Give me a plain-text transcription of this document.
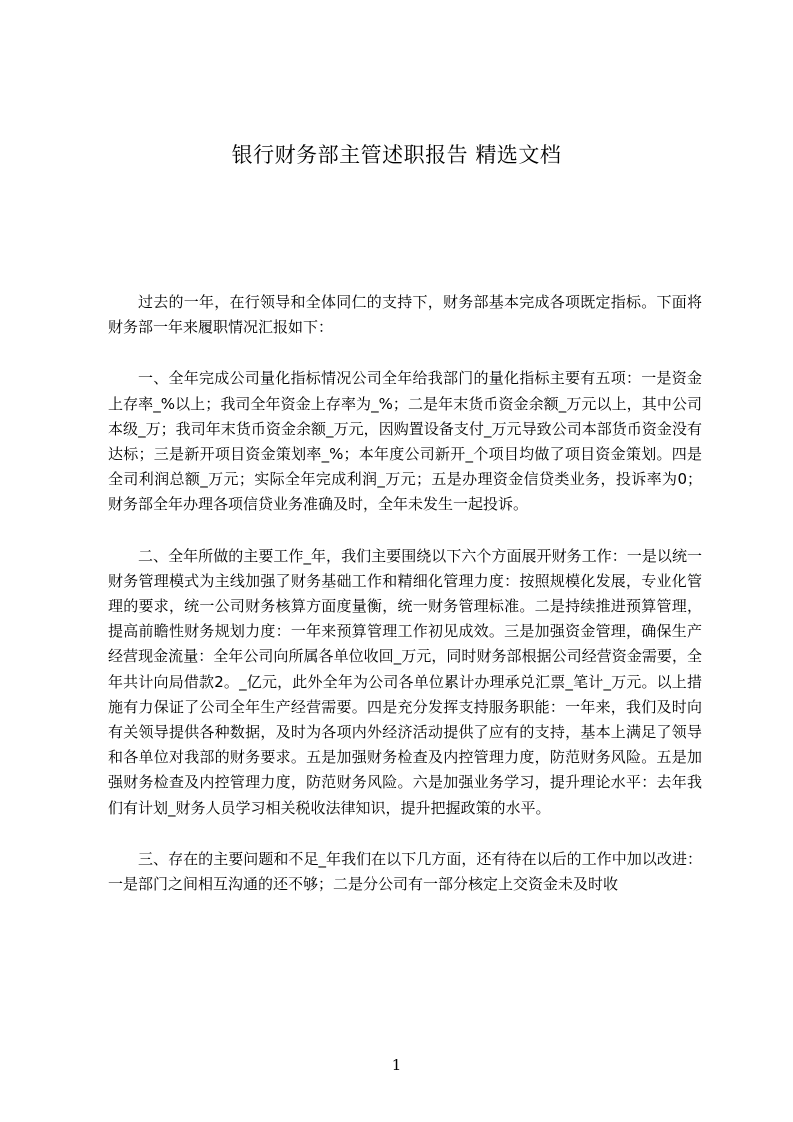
银行财务部主管述职报告 精选文档

过去的一年，在行领导和全体同仁的支持下，财务部基本完成各项既定指标。下面将财务部一年来履职情况汇报如下：

一、全年完成公司量化指标情况公司全年给我部门的量化指标主要有五项：一是资金上存率_%以上；我司全年资金上存率为_%；二是年末货币资金余额_万元以上，其中公司本级_万；我司年末货币资金余额_万元，因购置设备支付_万元导致公司本部货币资金没有达标；三是新开项目资金策划率_%；本年度公司新开_个项目均做了项目资金策划。四是全司利润总额_万元；实际全年完成利润_万元；五是办理资金信贷类业务，投诉率为0；财务部全年办理各项信贷业务准确及时，全年未发生一起投诉。

二、全年所做的主要工作_年，我们主要围绕以下六个方面展开财务工作：一是以统一财务管理模式为主线加强了财务基础工作和精细化管理力度：按照规模化发展，专业化管理的要求，统一公司财务核算方面度量衡，统一财务管理标准。二是持续推进预算管理，提高前瞻性财务规划力度：一年来预算管理工作初见成效。三是加强资金管理，确保生产经营现金流量：全年公司向所属各单位收回_万元，同时财务部根据公司经营资金需要，全年共计向局借款2。_亿元，此外全年为公司各单位累计办理承兑汇票_笔计_万元。以上措施有力保证了公司全年生产经营需要。四是充分发挥支持服务职能：一年来，我们及时向有关领导提供各种数据，及时为各项内外经济活动提供了应有的支持，基本上满足了领导和各单位对我部的财务要求。五是加强财务检查及内控管理力度，防范财务风险。五是加强财务检查及内控管理力度，防范财务风险。六是加强业务学习，提升理论水平：去年我们有计划_财务人员学习相关税收法律知识，提升把握政策的水平。

三、存在的主要问题和不足_年我们在以下几方面，还有待在以后的工作中加以改进：一是部门之间相互沟通的还不够；二是分公司有一部分核定上交资金未及时收

1
